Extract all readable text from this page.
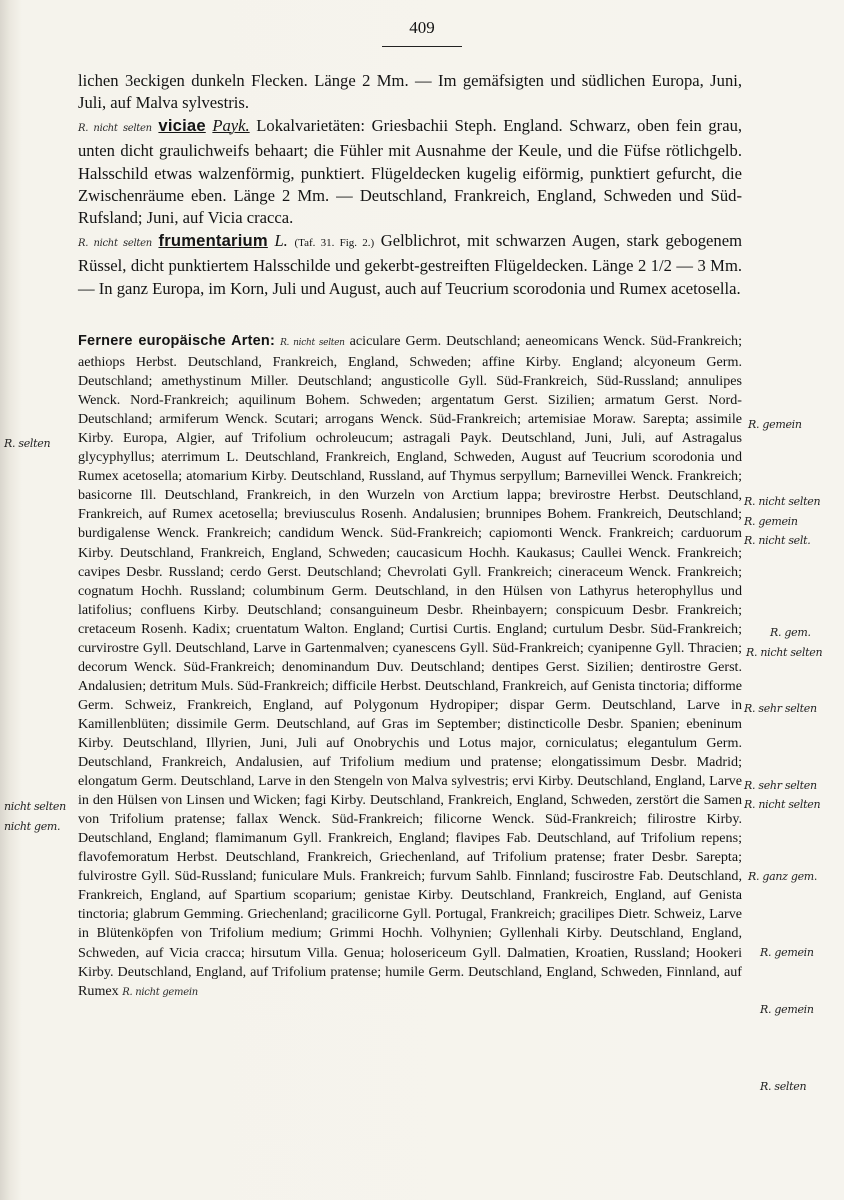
409

lichen 3eckigen dunkeln Flecken. Länge 2 Mm. — Im gemäfsigten und südlichen Europa, Juni, Juli, auf Malva sylvestris.

R. nicht selten viciae Payk. Lokalvarietäten: Griesbachii Steph. England. Schwarz, oben fein grau, unten dicht graulichweifs behaart; die Fühler mit Ausnahme der Keule, und die Füfse rötlichgelb. Halsschild etwas walzenförmig, punktiert. Flügeldecken kugelig eiförmig, punktiert gefurcht, die Zwischenräume eben. Länge 2 Mm. — Deutschland, Frankreich, England, Schweden und Süd-Rufsland; Juni, auf Vicia cracca.

R. nicht selten frumentarium L. (Taf. 31. Fig. 2.) Gelblichrot, mit schwarzen Augen, stark gebogenem Rüssel, dicht punktiertem Halsschilde und gekerbt-gestreiften Flügeldecken. Länge 2 1/2 — 3 Mm. — In ganz Europa, im Korn, Juli und August, auch auf Teucrium scorodonia und Rumex acetosella.

Fernere europäische Arten: R. nicht selten aciculare Germ. Deutschland; aeneomicans Wenck. Süd-Frankreich; aethiops Herbst. Deutschland, Frankreich, England, Schweden; affine Kirby. England; alcyoneum Germ. Deutschland; amethystinum Miller. Deutschland; angusticolle Gyll. Süd-Frankreich, Süd-Russland; annulipes Wenck. Nord-Frankreich; aquilinum Bohem. Schweden; argentatum Gerst. Sizilien; armatum Gerst. Nord-Deutschland; armiferum Wenck. Scutari; arrogans Wenck. Süd-Frankreich; artemisiae Moraw. Sarepta; assimile Kirby. Europa, Algier, auf Trifolium ochroleucum; astragali Payk. Deutschland, Juni, Juli, auf Astragalus glycyphyllus; aterrimum L. Deutschland, Frankreich, England, Schweden, August auf Teucrium scorodonia und Rumex acetosella; atomarium Kirby. Deutschland, Russland, auf Thymus serpyllum; Barnevillei Wenck. Frankreich; basicorne Ill. Deutschland, Frankreich, in den Wurzeln von Arctium lappa; brevirostre Herbst. Deutschland, Frankreich, auf Rumex acetosella; breviusculus Rosenh. Andalusien; brunnipes Bohem. Frankreich, Deutschland; burdigalense Wenck. Frankreich; candidum Wenck. Süd-Frankreich; capiomonti Wenck. Frankreich; carduorum Kirby. Deutschland, Frankreich, England, Schweden; caucasicum Hochh. Kaukasus; Caullei Wenck. Frankreich; cavipes Desbr. Russland; cerdo Gerst. Deutschland; Chevrolati Gyll. Frankreich; cineraceum Wenck. Frankreich; cognatum Hochh. Russland; columbinum Germ. Deutschland, in den Hülsen von Lathyrus heterophyllus und latifolius; confluens Kirby. Deutschland; consanguineum Desbr. Rheinbayern; conspicuum Desbr. Frankreich; cretaceum Rosenh. Kadix; cruentatum Walton. England; Curtisi Curtis. England; curtulum Desbr. Süd-Frankreich; curvirostre Gyll. Deutschland, Larve in Gartenmalven; cyanescens Gyll. Süd-Frankreich; cyanipenne Gyll. Thracien; decorum Wenck. Süd-Frankreich; denominandum Duv. Deutschland; dentipes Gerst. Sizilien; dentirostre Gerst. Andalusien; detritum Muls. Süd-Frankreich; difficile Herbst. Deutschland, Frankreich, auf Genista tinctoria; difforme Germ. Schweiz, Frankreich, England, auf Polygonum Hydropiper; dispar Germ. Deutschland, Larve in Kamillenblüten; dissimile Germ. Deutschland, auf Gras im September; distincticolle Desbr. Spanien; ebeninum Kirby. Deutschland, Illyrien, Juni, Juli auf Onobrychis und Lotus major, corniculatus; elegantulum Germ. Deutschland, Frankreich, Andalusien, auf Trifolium medium und pratense; elongatissimum Desbr. Madrid; elongatum Germ. Deutschland, Larve in den Stengeln von Malva sylvestris; ervi Kirby. Deutschland, England, Larve in den Hülsen von Linsen und Wicken; fagi Kirby. Deutschland, Frankreich, England, Schweden, zerstört die Samen von Trifolium pratense; fallax Wenck. Süd-Frankreich; filicorne Wenck. Süd-Frankreich; filirostre Kirby. Deutschland, England; flamimanum Gyll. Frankreich, England; flavipes Fab. Deutschland, auf Trifolium repens; flavofemoratum Herbst. Deutschland, Frankreich, Griechenland, auf Trifolium pratense; frater Desbr. Sarepta; fulvirostre Gyll. Süd-Russland; funiculare Muls. Frankreich; furvum Sahlb. Finnland; fuscirostre Fab. Deutschland, Frankreich, England, auf Spartium scoparium; genistae Kirby. Deutschland, Frankreich, England, auf Genista tinctoria; glabrum Gemming. Griechenland; gracilicorne Gyll. Portugal, Frankreich; gracilipes Dietr. Schweiz, Larve in Blütenköpfen von Trifolium medium; Grimmi Hochh. Volhynien; Gyllenhali Kirby. Deutschland, England, Schweden, auf Vicia cracca; hirsutum Villa. Genua; holosericeum Gyll. Dalmatien, Kroatien, Russland; Hookeri Kirby. Deutschland, England, auf Trifolium pratense; humile Germ. Deutschland, England, Schweden, Finnland, auf Rumex R. nicht gemein
R. selten
nicht selten
nicht gem.
R. gemein
R. nicht selten
R. gemein
R. nicht selt.
R. gem.
R. nicht selten
R. sehr selten
R. sehr selten
R. nicht selten
R. ganz gem.
R. gemein
R. gemein
R. selten
